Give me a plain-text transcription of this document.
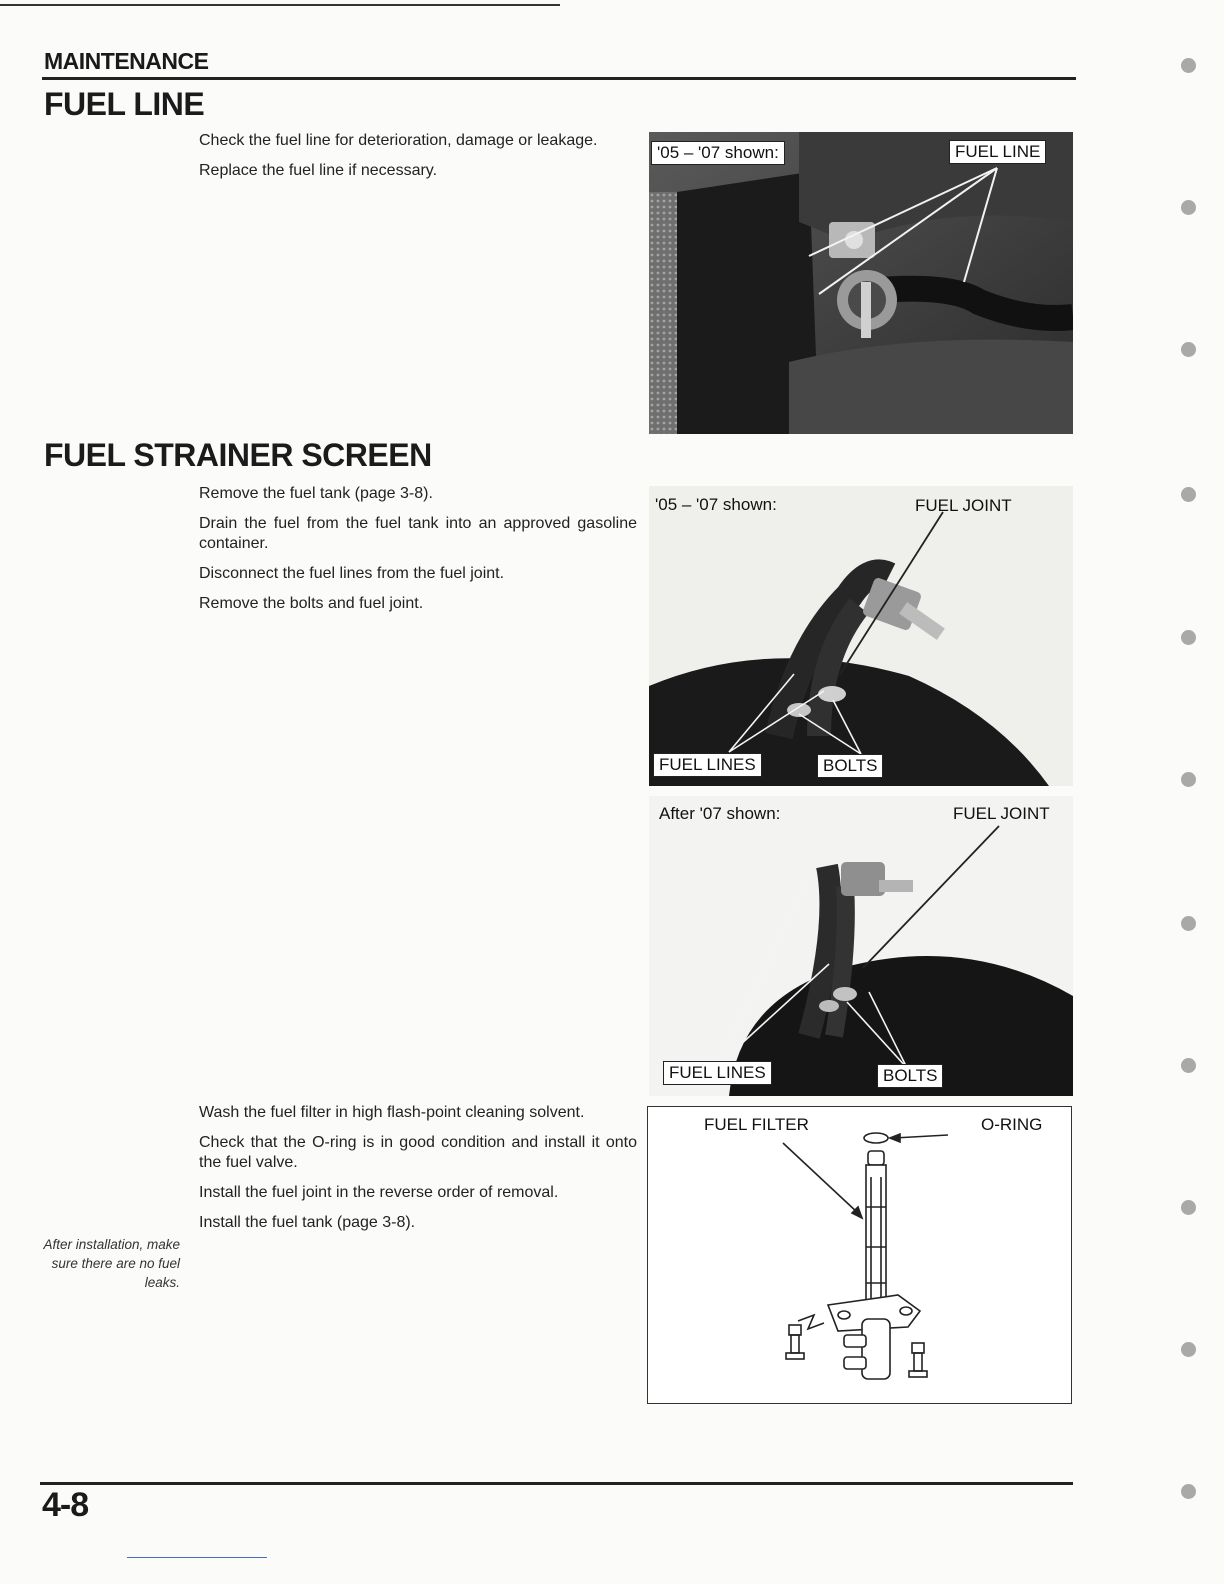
MAINTENANCE
FUEL LINE

Check the fuel line for deterioration, damage or leakage.

Replace the fuel line if necessary.

'05 – '07 shown:	FUEL LINE
FUEL STRAINER SCREEN

Remove the fuel tank (page 3-8).

Drain the fuel from the fuel tank into an approved gasoline container.

Disconnect the fuel lines from the fuel joint.

Remove the bolts and fuel joint.

'05 – '07 shown:	FUEL JOINT
FUEL LINES	BOLTS
After '07 shown:	FUEL JOINT
FUEL LINES	BOLTS

Wash the fuel filter in high flash-point cleaning solvent.

Check that the O-ring is in good condition and install it onto the fuel valve.

Install the fuel joint in the reverse order of removal.

Install the fuel tank (page 3-8).

After installation, make sure there are no fuel leaks.
FUEL FILTER	O-RING
4-8
